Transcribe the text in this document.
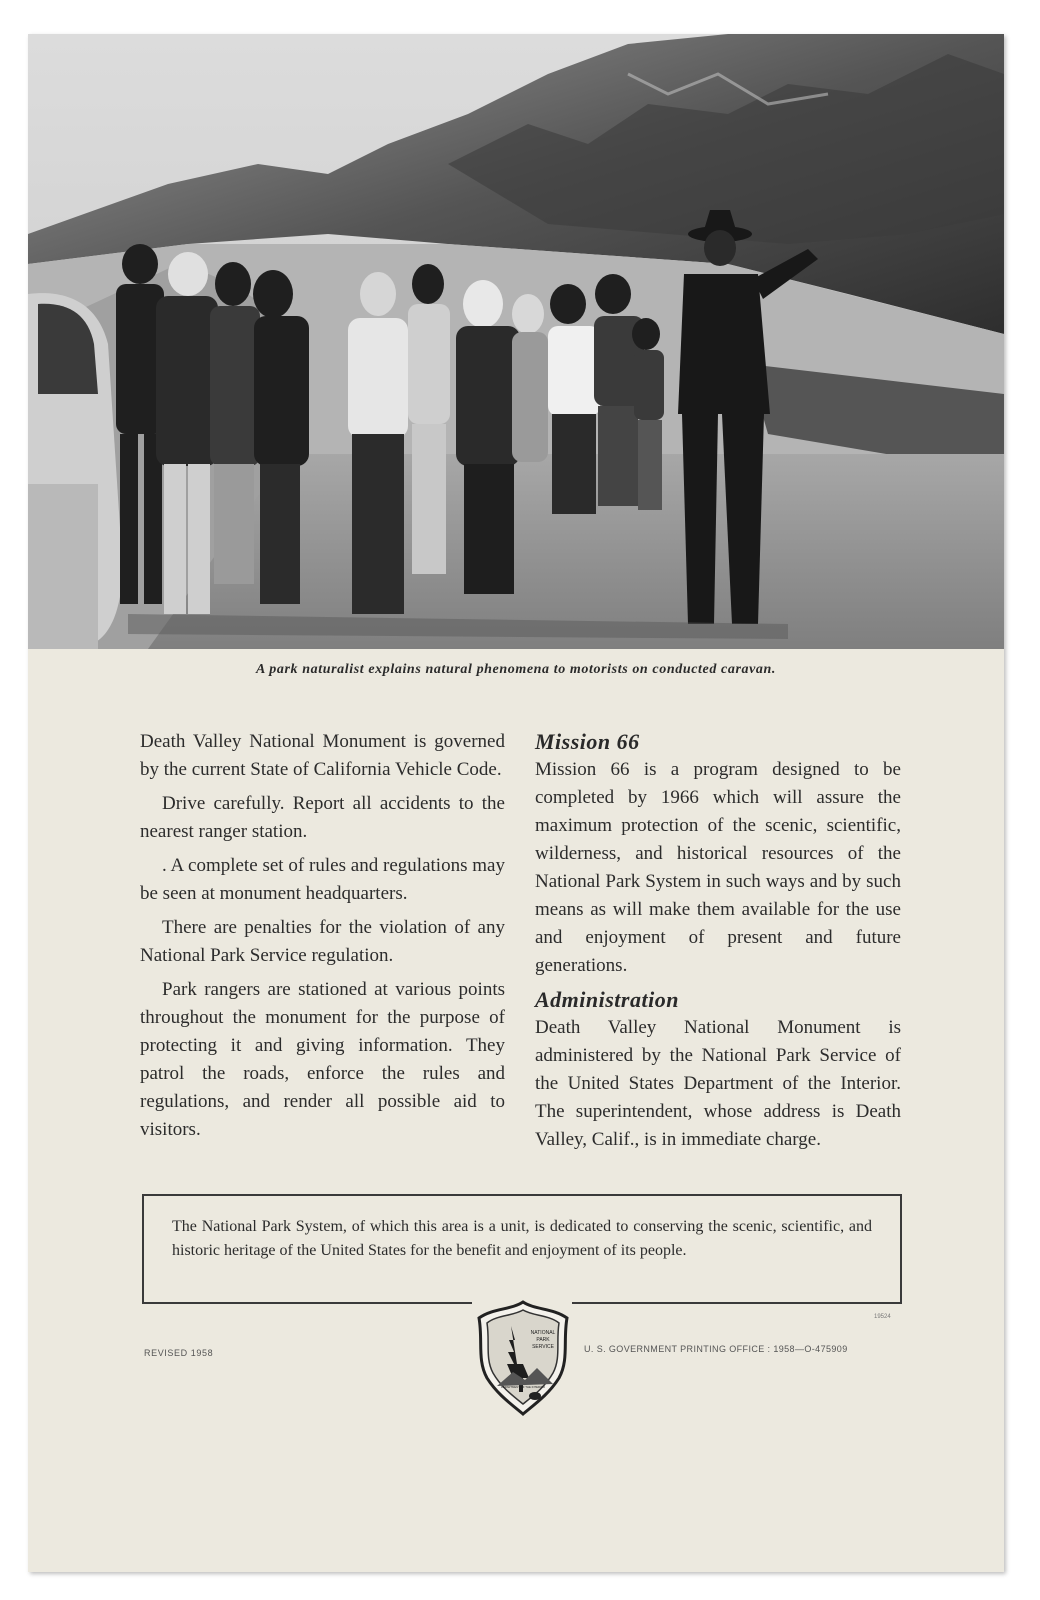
A park naturalist explains natural phenomena to motorists on conducted caravan.

Death Valley National Monument is governed by the current State of California Vehicle Code.

Drive carefully. Report all accidents to the nearest ranger station.

. A complete set of rules and regulations may be seen at monument headquarters.

There are penalties for the violation of any National Park Service regulation.

Park rangers are stationed at various points throughout the monument for the purpose of protecting it and giving information. They patrol the roads, enforce the rules and regulations, and render all possible aid to visitors.

Mission 66

Mission 66 is a program designed to be completed by 1966 which will assure the maximum protection of the scenic, scientific, wilderness, and historical resources of the National Park System in such ways and by such means as will make them available for the use and enjoyment of present and future generations.

Administration

Death Valley National Monument is administered by the National Park Service of the United States Department of the Interior. The superintendent, whose address is Death Valley, Calif., is in immediate charge.

The National Park System, of which this area is a unit, is dedicated to conserving the scenic, scientific, and historic heritage of the United States for the benefit and enjoyment of its people.
19524
REVISED 1958	U. S. GOVERNMENT PRINTING OFFICE : 1958—O-475909
NATIONAL
PARK
SERVICE
DEPARTMENT OF THE INTERIOR
